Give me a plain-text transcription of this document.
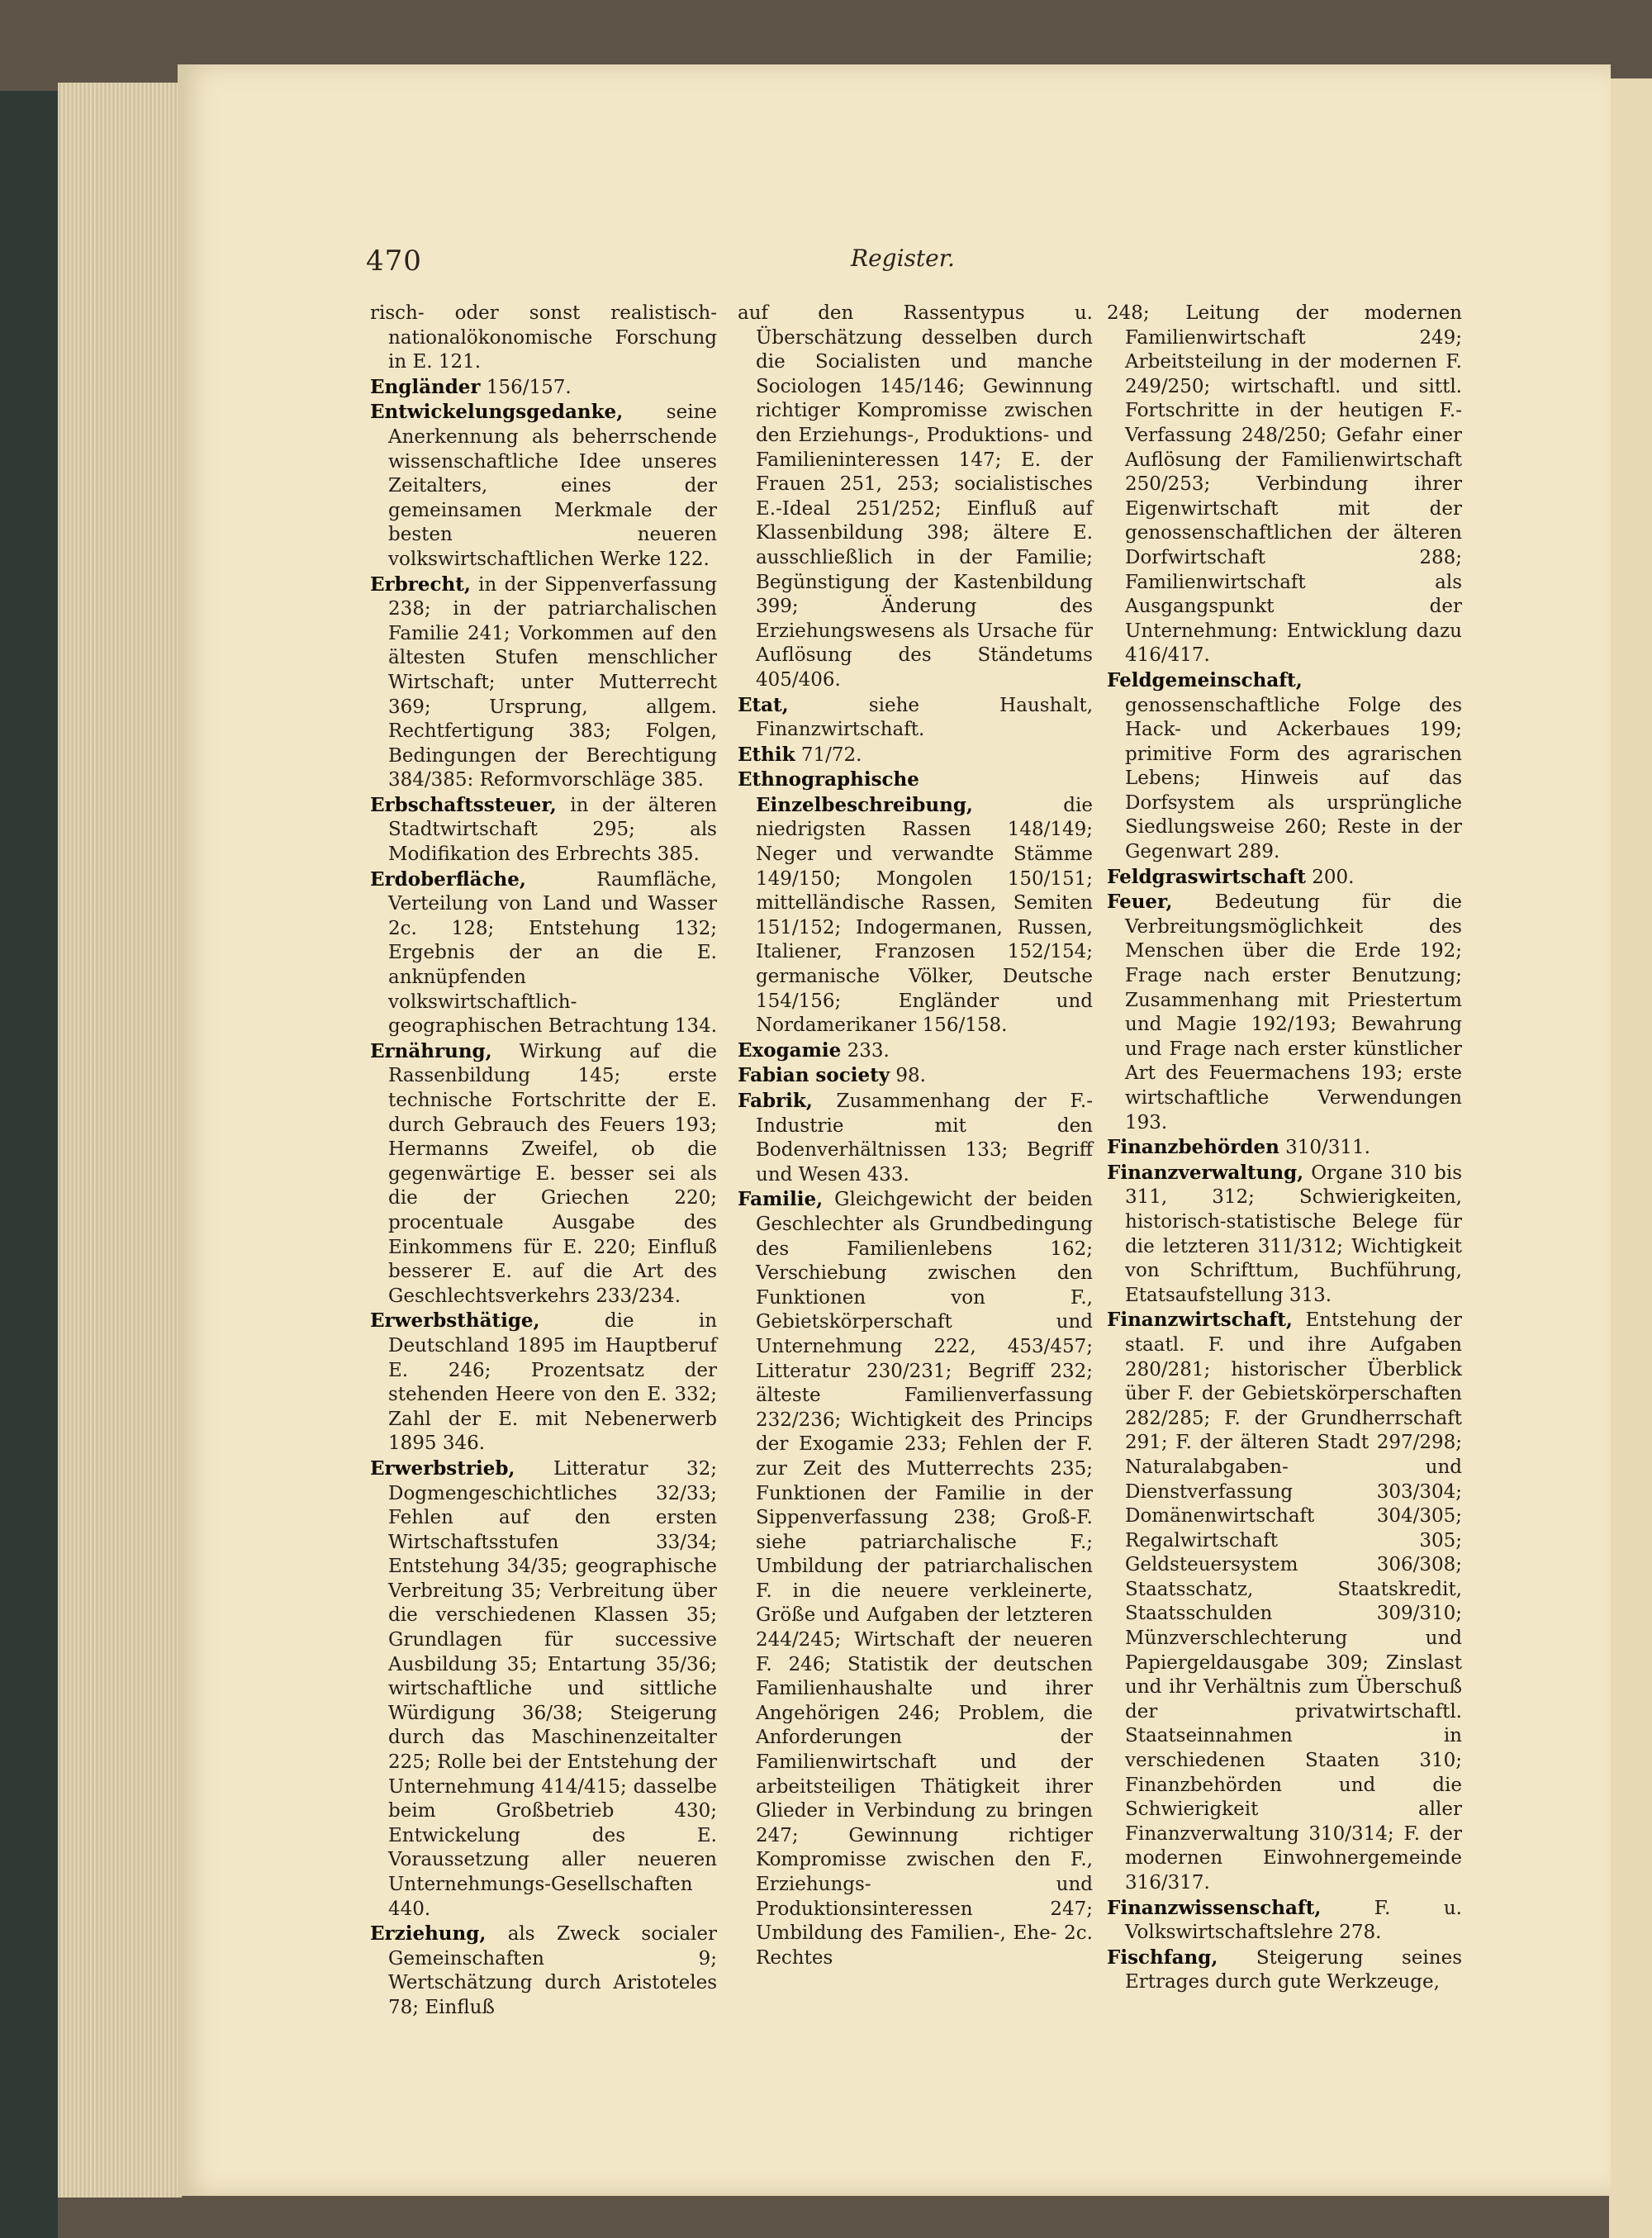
470	Register.
risch- oder sonst realistisch-nationalökonomische Forschung in E. 121.
Engländer 156/157.
Entwickelungsgedanke, seine Anerkennung als beherrschende wissenschaftliche Idee unseres Zeitalters, eines der gemeinsamen Merkmale der besten neueren volkswirtschaftlichen Werke 122.
Erbrecht, in der Sippenverfassung 238; in der patriarchalischen Familie 241; Vorkommen auf den ältesten Stufen menschlicher Wirtschaft; unter Mutterrecht 369; Ursprung, allgem. Rechtfertigung 383; Folgen, Bedingungen der Berechtigung 384/385: Reformvorschläge 385.
Erbschaftssteuer, in der älteren Stadtwirtschaft 295; als Modifikation des Erbrechts 385.
Erdoberfläche,	Raumfläche, Verteilung von Land und Wasser 2c. 128; Entstehung 132; Ergebnis der an die E. anknüpfenden volkswirtschaftlich-geographischen Betrachtung 134.
Ernährung, Wirkung auf die Rassenbildung 145; erste technische Fortschritte der E. durch Gebrauch des Feuers 193; Hermanns Zweifel, ob die gegenwärtige E. besser sei als die der Griechen 220; procentuale Ausgabe des Einkommens für E. 220; Einfluß besserer E. auf die Art des Geschlechtsverkehrs 233/234.
Erwerbsthätige,	die in Deutschland 1895 im Hauptberuf E. 246; Prozentsatz der stehenden Heere von den E. 332; Zahl der E. mit Nebenerwerb 1895 346.
Erwerbstrieb, Litteratur 32; Dogmengeschichtliches 32/33; Fehlen auf den ersten Wirtschaftsstufen 33/34; Entstehung 34/35; geographische Verbreitung 35; Verbreitung über die verschiedenen Klassen 35; Grundlagen für successive Ausbildung 35; Entartung 35/36; wirtschaftliche und sittliche Würdigung 36/38; Steigerung durch das Maschinenzeitalter 225; Rolle bei der Entstehung der Unternehmung 414/415; dasselbe beim Großbetrieb 430; Entwickelung des E. Voraussetzung aller neueren Unternehmungs-Gesellschaften 440.
Erziehung, als Zweck socialer Gemeinschaften 9; Wertschätzung durch Aristoteles 78; Einfluß
auf den Rassentypus u. Überschätzung desselben durch die Socialisten und manche Sociologen 145/146; Gewinnung richtiger Kompromisse zwischen den Erziehungs-, Produktions- und Familieninteressen 147; E. der Frauen 251, 253; socialistisches E.-Ideal 251/252; Einfluß auf Klassenbildung 398; ältere E. ausschließlich in der Familie; Begünstigung der Kastenbildung 399; Änderung des Erziehungswesens als Ursache für Auflösung des Ständetums 405/406.
Etat,	siehe Haushalt, Finanzwirtschaft.
Ethik 71/72.
Ethnographische Einzelbeschreibung,	die niedrigsten Rassen 148/149; Neger und verwandte Stämme 149/150; Mongolen 150/151; mittelländische Rassen, Semiten 151/152; Indogermanen, Russen, Italiener, Franzosen 152/154; germanische Völker, Deutsche 154/156; Engländer und Nordamerikaner 156/158.
Exogamie 233.
Fabian society 98.
Fabrik, Zusammenhang der F.-Industrie mit den Bodenverhältnissen 133; Begriff und Wesen 433.
Familie, Gleichgewicht der beiden Geschlechter als Grundbedingung des Familienlebens 162; Verschiebung zwischen den Funktionen von F., Gebietskörperschaft und Unternehmung 222, 453/457; Litteratur 230/231; Begriff 232; älteste Familienverfassung 232/236; Wichtigkeit des Princips der Exogamie 233; Fehlen der F. zur Zeit des Mutterrechts 235; Funktionen der Familie in der Sippenverfassung 238; Groß-F. siehe patriarchalische F.; Umbildung der patriarchalischen F. in die neuere verkleinerte, Größe und Aufgaben der letzteren 244/245; Wirtschaft der neueren F. 246; Statistik der deutschen Familienhaushalte und ihrer Angehörigen 246; Problem, die Anforderungen der Familienwirtschaft und der arbeitsteiligen Thätigkeit ihrer Glieder in Verbindung zu bringen 247; Gewinnung richtiger Kompromisse zwischen den F., Erziehungs- und Produktionsinteressen 247; Umbildung des Familien-, Ehe- 2c. Rechtes
248; Leitung der modernen Familienwirtschaft 249; Arbeitsteilung in der modernen F. 249/250; wirtschaftl. und sittl. Fortschritte in der heutigen F.-Verfassung 248/250; Gefahr einer Auflösung der Familienwirtschaft 250/253; Verbindung ihrer Eigenwirtschaft mit der genossenschaftlichen der älteren Dorfwirtschaft 288; Familienwirtschaft als Ausgangspunkt der Unternehmung: Entwicklung dazu 416/417.
Feldgemeinschaft, genossenschaftliche Folge des Hack- und Ackerbaues 199; primitive Form des agrarischen Lebens; Hinweis auf das Dorfsystem als ursprüngliche Siedlungsweise 260; Reste in der Gegenwart 289.
Feldgraswirtschaft 200.
Feuer, Bedeutung für die Verbreitungsmöglichkeit des Menschen über die Erde 192; Frage nach erster Benutzung; Zusammenhang mit Priestertum und Magie 192/193; Bewahrung und Frage nach erster künstlicher Art des Feuermachens 193; erste wirtschaftliche Verwendungen 193.
Finanzbehörden 310/311.
Finanzverwaltung, Organe 310 bis 311, 312; Schwierigkeiten, historisch-statistische Belege für die letzteren 311/312; Wichtigkeit von Schrifttum, Buchführung, Etatsaufstellung 313.
Finanzwirtschaft, Entstehung der staatl. F. und ihre Aufgaben 280/281; historischer Überblick über F. der Gebietskörperschaften 282/285; F. der Grundherrschaft 291; F. der älteren Stadt 297/298; Naturalabgaben- und Dienstverfassung 303/304; Domänenwirtschaft 304/305; Regalwirtschaft 305; Geldsteuersystem 306/308; Staatsschatz, Staatskredit, Staatsschulden 309/310; Münzverschlechterung und Papiergeldausgabe 309; Zinslast und ihr Verhältnis zum Überschuß der privatwirtschaftl. Staatseinnahmen in verschiedenen Staaten 310; Finanzbehörden und die Schwierigkeit aller Finanzverwaltung 310/314; F. der modernen Einwohnergemeinde 316/317.
Finanzwissenschaft,	F. u. Volkswirtschaftslehre 278.
Fischfang, Steigerung seines Ertrages durch gute Werkzeuge,
